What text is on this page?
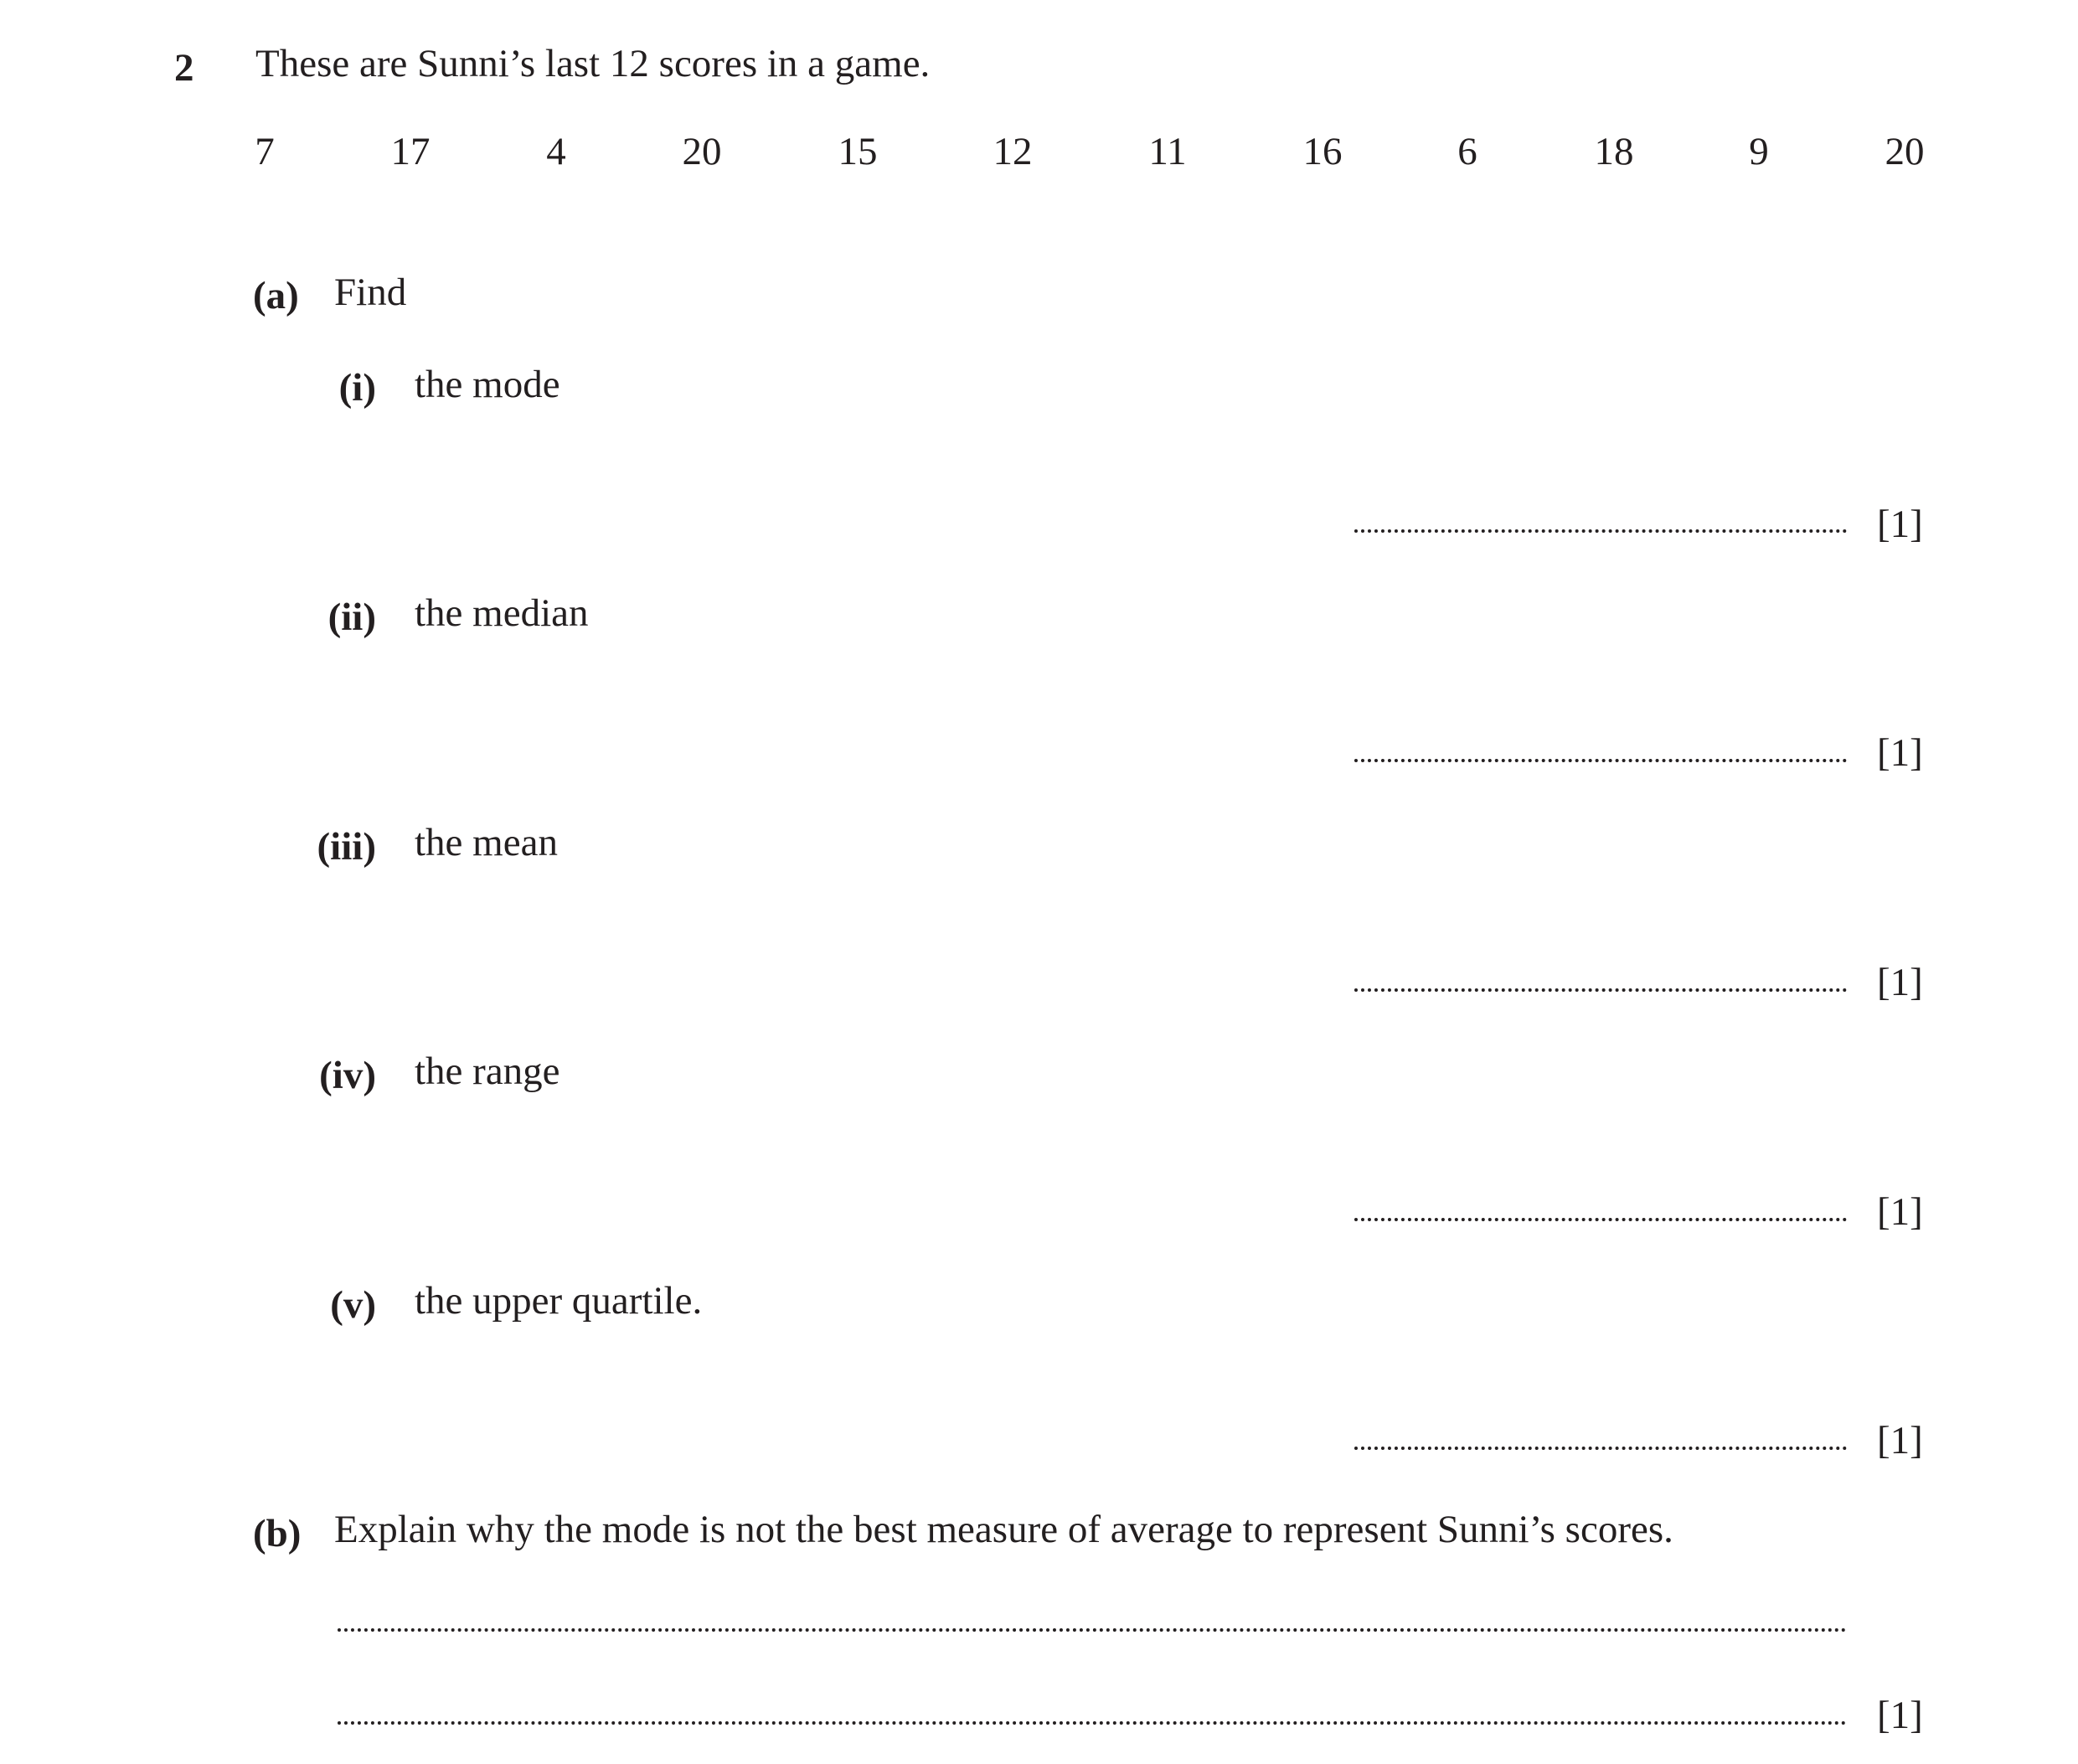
2 These are Sunni’s last 12 scores in a game.
7	17	4	20	15	12	11	16	6	18	9	20
(a) Find
(i) the mode
[1]
(ii) the median
[1]
(iii) the mean
[1]
(iv) the range
[1]
(v) the upper quartile.
[1]
(b) Explain why the mode is not the best measure of average to represent Sunni’s scores.
[1]
